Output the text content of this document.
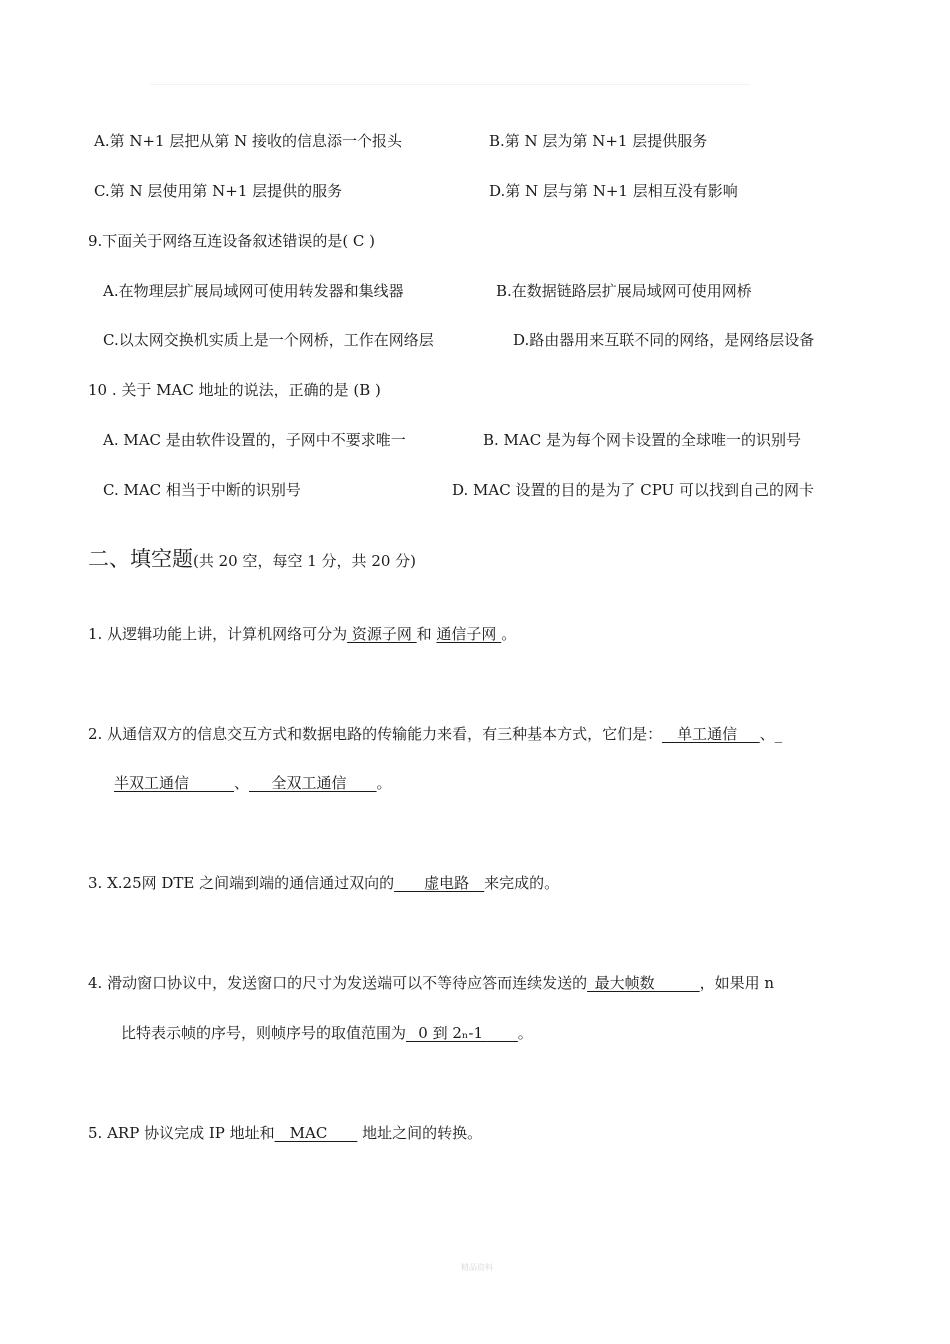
A.第 N+1 层把从第 N 接收的信息添一个报头	B.第 N 层为第 N+1 层提供服务
C.第 N 层使用第 N+1 层提供的服务	D.第 N 层与第 N+1 层相互没有影响
9.下面关于网络互连设备叙述错误的是( C )
A.在物理层扩展局域网可使用转发器和集线器	B.在数据链路层扩展局域网可使用网桥
C.以太网交换机实质上是一个网桥，工作在网络层	D.路由器用来互联不同的网络，是网络层设备
10 . 关于 MAC 地址的说法，正确的是 (B )
A. MAC 是由软件设置的，子网中不要求唯一	B. MAC 是为每个网卡设置的全球唯一的识别号
C. MAC 相当于中断的识别号	D. MAC 设置的目的是为了 CPU 可以找到自己的网卡
二、填空题(共 20 空，每空 1 分，共 20 分)
1. 从逻辑功能上讲，计算机网络可分为 资源子网 和 通信子网 。
2. 从通信双方的信息交互方式和数据电路的传输能力来看，有三种基本方式，它们是：__单工通信___、_
半双工通信______、___全双工通信____。
3. X.25网 DTE 之间端到端的通信通过双向的____虚电路__来完成的。
4. 滑动窗口协议中，发送窗口的尺寸为发送端可以不等待应答而连续发送的_最大帧数______，如果用 n
比特表示帧的序号，则帧序号的取值范围为_ 0 到 2ₙ-1 ____。
5. ARP 协议完成 IP 地址和__MAC____ 地址之间的转换。
精品资料
